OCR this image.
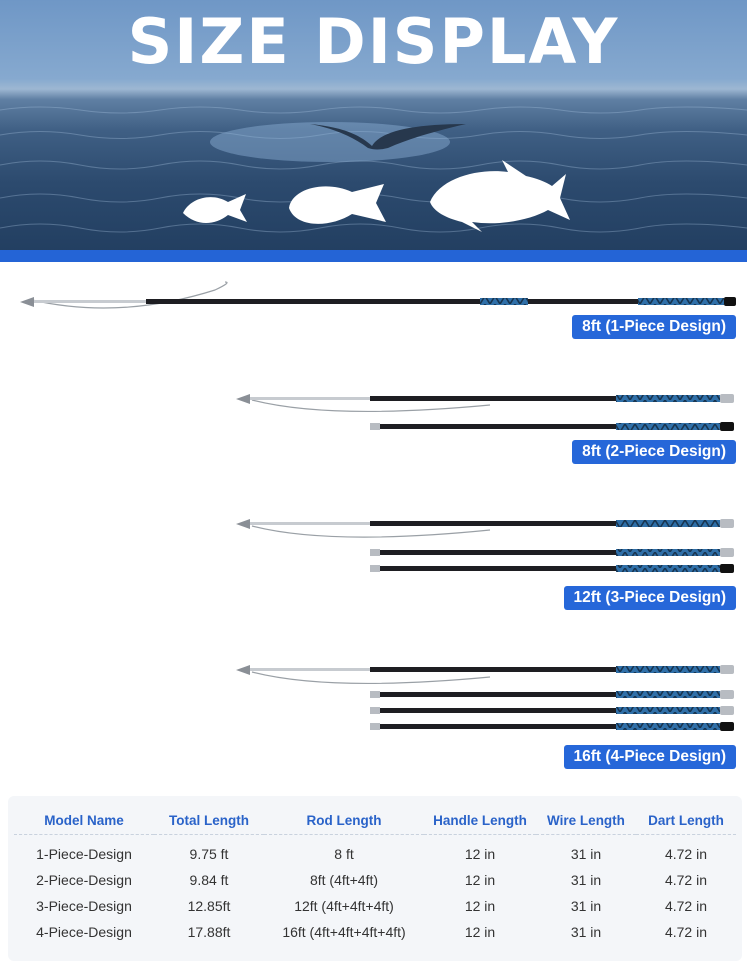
SIZE DISPLAY
8ft (1-Piece Design)
8ft (2-Piece Design)
12ft (3-Piece Design)
16ft (4-Piece Design)
Model Name	Total Length	Rod Length	Handle Length	Wire Length	Dart Length
1-Piece-Design	9.75 ft	8 ft	12 in	31 in	4.72 in
2-Piece-Design	9.84 ft	8ft (4ft+4ft)	12 in	31 in	4.72 in
3-Piece-Design	12.85ft	12ft (4ft+4ft+4ft)	12 in	31 in	4.72 in
4-Piece-Design	17.88ft	16ft (4ft+4ft+4ft+4ft)	12 in	31 in	4.72 in
